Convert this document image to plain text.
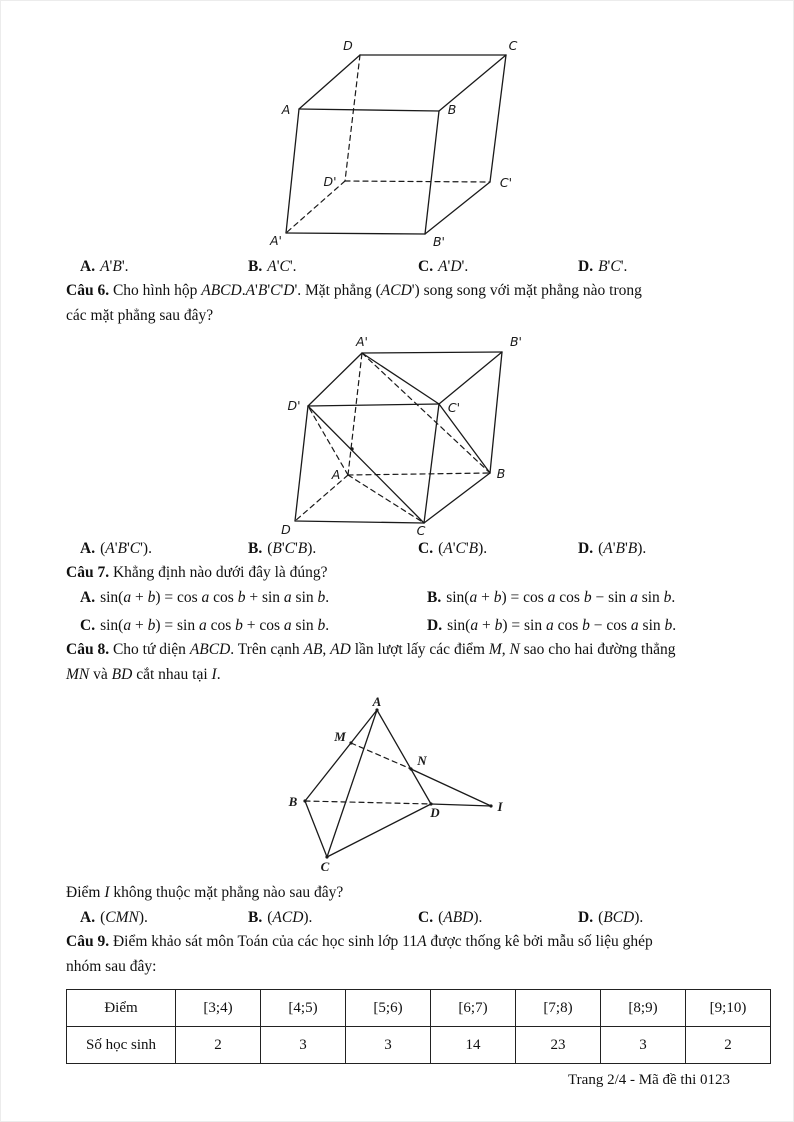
D	C
A	B
D'	C'
A'	B'
A. A'B'.	B. A'C'.	C. A'D'.	D. B'C'.
Câu 6. Cho hình hộp ABCD.A'B'C'D'. Mặt phẳng (ACD') song song với mặt phẳng nào trong
các mặt phẳng sau đây?
A'	B'
D'	C'
A	B
D	C
A. (A'B'C').	B. (B'C'B).	C. (A'C'B).	D. (A'B'B).
Câu 7. Khẳng định nào dưới đây là đúng?
A. sin(a + b) = cos a cos b + sin a sin b.	B. sin(a + b) = cos a cos b − sin a sin b.
C. sin(a + b) = sin a cos b + cos a sin b.	D. sin(a + b) = sin a cos b − cos a sin b.
Câu 8. Cho tứ diện ABCD. Trên cạnh AB, AD lần lượt lấy các điểm M, N sao cho hai đường thẳng
MN và BD cắt nhau tại I.
A
M
N
B
D	I
C
Điểm I không thuộc mặt phẳng nào sau đây?
A. (CMN).	B. (ACD).	C. (ABD).	D. (BCD).
Câu 9. Điểm khảo sát môn Toán của các học sinh lớp 11A được thống kê bởi mẫu số liệu ghép
nhóm sau đây:
Điểm	[3;4)	[4;5)	[5;6)	[6;7)	[7;8)	[8;9)	[9;10)
Số học sinh	2	3	3	14	23	3	2
Trang 2/4 - Mã đề thi 0123
